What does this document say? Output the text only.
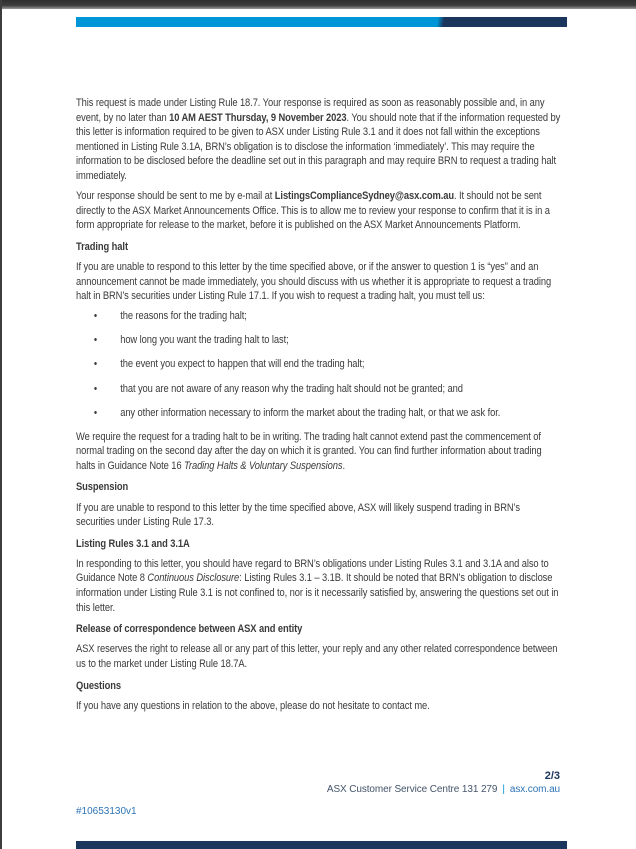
This request is made under Listing Rule 18.7. Your response is required as soon as reasonably possible and, in any event, by no later than 10 AM AEST Thursday, 9 November 2023. You should note that if the information requested by this letter is information required to be given to ASX under Listing Rule 3.1 and it does not fall within the exceptions mentioned in Listing Rule 3.1A, BRN’s obligation is to disclose the information ‘immediately’. This may require the information to be disclosed before the deadline set out in this paragraph and may require BRN to request a trading halt immediately.

Your response should be sent to me by e-mail at ListingsComplianceSydney@asx.com.au. It should not be sent directly to the ASX Market Announcements Office. This is to allow me to review your response to confirm that it is in a form appropriate for release to the market, before it is published on the ASX Market Announcements Platform.

Trading halt

If you are unable to respond to this letter by the time specified above, or if the answer to question 1 is “yes” and an announcement cannot be made immediately, you should discuss with us whether it is appropriate to request a trading halt in BRN’s securities under Listing Rule 17.1. If you wish to request a trading halt, you must tell us:

•	the reasons for the trading halt;
•	how long you want the trading halt to last;
•	the event you expect to happen that will end the trading halt;
•	that you are not aware of any reason why the trading halt should not be granted; and
•	any other information necessary to inform the market about the trading halt, or that we ask for.

We require the request for a trading halt to be in writing. The trading halt cannot extend past the commencement of normal trading on the second day after the day on which it is granted. You can find further information about trading halts in Guidance Note 16 Trading Halts & Voluntary Suspensions.

Suspension

If you are unable to respond to this letter by the time specified above, ASX will likely suspend trading in BRN’s securities under Listing Rule 17.3.

Listing Rules 3.1 and 3.1A

In responding to this letter, you should have regard to BRN’s obligations under Listing Rules 3.1 and 3.1A and also to Guidance Note 8 Continuous Disclosure: Listing Rules 3.1 – 3.1B. It should be noted that BRN’s obligation to disclose information under Listing Rule 3.1 is not confined to, nor is it necessarily satisfied by, answering the questions set out in this letter.

Release of correspondence between ASX and entity

ASX reserves the right to release all or any part of this letter, your reply and any other related correspondence between us to the market under Listing Rule 18.7A.

Questions

If you have any questions in relation to the above, please do not hesitate to contact me.

2/3
ASX Customer Service Centre 131 279 | asx.com.au
#10653130v1
